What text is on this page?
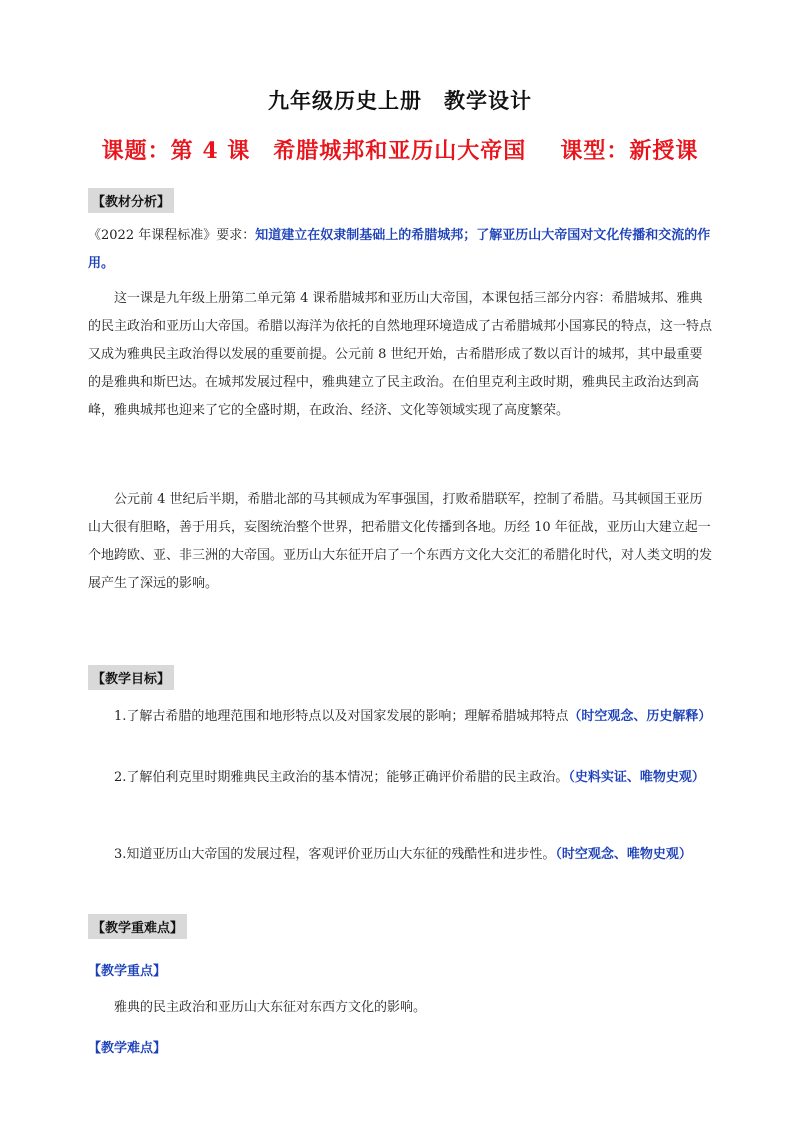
九年级历史上册　教学设计
课题：第 4 课　希腊城邦和亚历山大帝国 课型：新授课
【教材分析】
《2022 年课程标准》要求：知道建立在奴隶制基础上的希腊城邦；了解亚历山大帝国对文化传播和交流的作用。
这一课是九年级上册第二单元第 4 课希腊城邦和亚历山大帝国，本课包括三部分内容：希腊城邦、雅典的民主政治和亚历山大帝国。希腊以海洋为依托的自然地理环境造成了古希腊城邦小国寡民的特点，这一特点又成为雅典民主政治得以发展的重要前提。公元前 8 世纪开始，古希腊形成了数以百计的城邦，其中最重要的是雅典和斯巴达。在城邦发展过程中，雅典建立了民主政治。在伯里克利主政时期，雅典民主政治达到高峰，雅典城邦也迎来了它的全盛时期，在政治、经济、文化等领域实现了高度繁荣。
公元前 4 世纪后半期，希腊北部的马其顿成为军事强国，打败希腊联军，控制了希腊。马其顿国王亚历山大很有胆略，善于用兵，妄图统治整个世界，把希腊文化传播到各地。历经 10 年征战，亚历山大建立起一个地跨欧、亚、非三洲的大帝国。亚历山大东征开启了一个东西方文化大交汇的希腊化时代，对人类文明的发展产生了深远的影响。
【教学目标】
1.了解古希腊的地理范围和地形特点以及对国家发展的影响；理解希腊城邦特点（时空观念、历史解释）
2.了解伯利克里时期雅典民主政治的基本情况；能够正确评价希腊的民主政治。（史料实证、唯物史观）
3.知道亚历山大帝国的发展过程，客观评价亚历山大东征的残酷性和进步性。（时空观念、唯物史观）
【教学重难点】
【教学重点】
雅典的民主政治和亚历山大东征对东西方文化的影响。
【教学难点】
